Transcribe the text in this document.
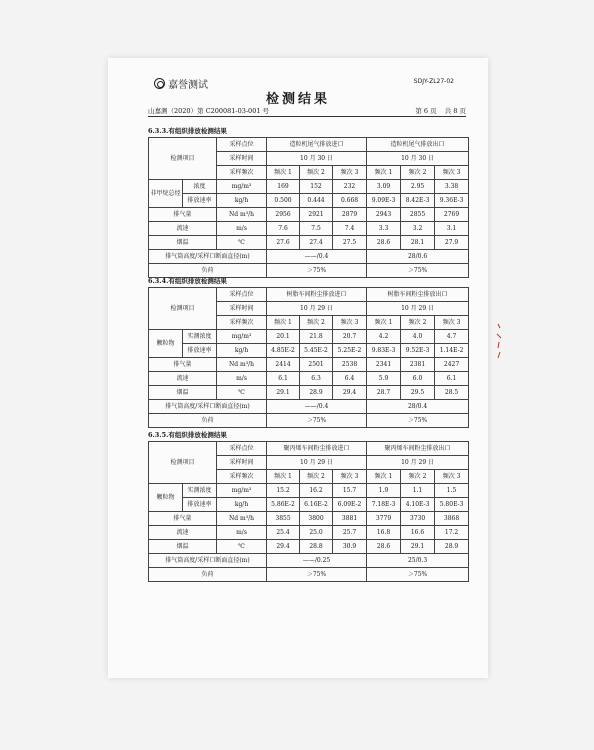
嘉誉测试	SDJY-ZL27-02
检测结果
山嘉测（2020）第 C200081-03-001 号	第 6 页 共 8 页
6.3.3.有组织排放检测结果
检测项目		采样点位	造粒机尾气排放进口			造粒机尾气排放出口		
		采样时间	10 月 30 日			10 月 30 日		
		采样频次	频次 1	频次 2	频次 3	频次 1	频次 2	频次 3
非甲烷总烃	浓度	mg/m³	169	152	232	3.09	2.95	3.38
	排放速率	kg/h	0.500	0.444	0.668	9.09E-3	8.42E-3	9.36E-3
排气量		Nd m³/h	2956	2921	2879	2943	2855	2769
流速		m/s	7.6	7.5	7.4	3.3	3.2	3.1
烟温		℃	27.6	27.4	27.5	28.6	28.1	27.9
排气筒高度/采样口断面直径(m)			——/0.4			28/0.6		
负荷			＞75%			＞75%		
6.3.4.有组织排放检测结果
检测项目		采样点位	树脂车间粉尘排放进口			树脂车间粉尘排放出口		
		采样时间	10 月 29 日			10 月 29 日		
		采样频次	频次 1	频次 2	频次 3	频次 1	频次 2	频次 3
颗粒物	实测浓度	mg/m³	20.1	21.8	20.7	4.2	4.0	4.7
	排放速率	kg/h	4.85E-2	5.45E-2	5.25E-2	9.83E-3	9.52E-3	1.14E-2
排气量		Nd m³/h	2414	2501	2538	2341	2381	2427
流速		m/s	6.1	6.3	6.4	5.9	6.0	6.1
烟温		℃	29.1	28.9	29.4	28.7	29.5	28.5
排气筒高度/采样口断面直径(m)			——/0.4			28/0.4		
负荷			＞75%			＞75%		
6.3.5.有组织排放检测结果
检测项目		采样点位	聚丙烯车间粉尘排放进口			聚丙烯车间粉尘排放出口		
		采样时间	10 月 29 日			10 月 29 日		
		采样频次	频次 1	频次 2	频次 3	频次 1	频次 2	频次 3
颗粒物	实测浓度	mg/m³	15.2	16.2	15.7	1.9	1.1	1.5
	排放速率	kg/h	5.86E-2	6.16E-2	6.09E-2	7.18E-3	4.10E-3	5.80E-3
排气量		Nd m³/h	3855	3800	3881	3779	3730	3868
流速		m/s	25.4	25.0	25.7	16.8	16.6	17.2
烟温		℃	29.4	28.8	30.9	28.6	29.1	28.9
排气筒高度/采样口断面直径(m)			——/0.25			25/0.3		
负荷			＞75%			＞75%		
